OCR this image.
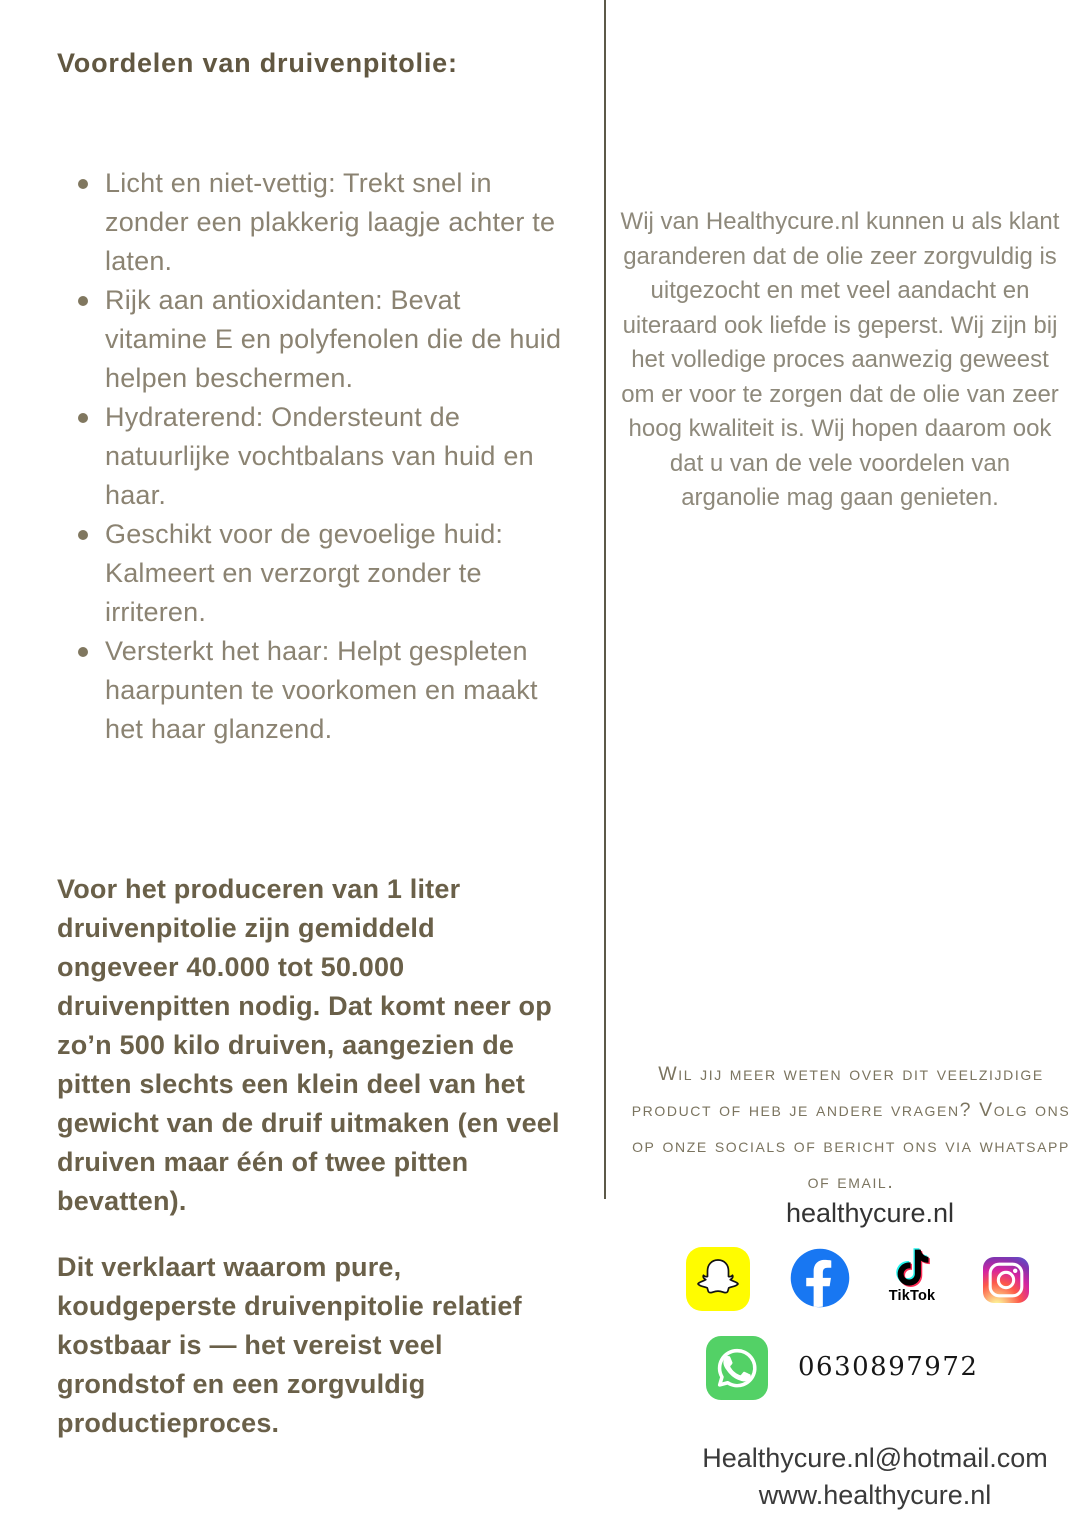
Voordelen van druivenpitolie:
Licht en niet-vettig: Trekt snel in zonder een plakkerig laagje achter te laten.
Rijk aan antioxidanten: Bevat vitamine E en polyfenolen die de huid helpen beschermen.
Hydraterend: Ondersteunt de natuurlijke vochtbalans van huid en haar.
Geschikt voor de gevoelige huid: Kalmeert en verzorgt zonder te irriteren.
Versterkt het haar: Helpt gespleten haarpunten te voorkomen en maakt het haar glanzend.

Voor het produceren van 1 liter druivenpitolie zijn gemiddeld ongeveer 40.000 tot 50.000 druivenpitten nodig. Dat komt neer op zo’n 500 kilo druiven, aangezien de pitten slechts een klein deel van het gewicht van de druif uitmaken (en veel druiven maar één of twee pitten bevatten).

Dit verklaart waarom pure, koudgeperste druivenpitolie relatief kostbaar is — het vereist veel grondstof en een zorgvuldig productieproces.

Wij van Healthycure.nl kunnen u als klant garanderen dat de olie zeer zorgvuldig is uitgezocht en met veel aandacht en uiteraard ook liefde is geperst. Wij zijn bij het volledige proces aanwezig geweest om er voor te zorgen dat de olie van zeer hoog kwaliteit is. Wij hopen daarom ook dat u van de vele voordelen van arganolie mag gaan genieten.
Wil jij meer weten over dit veelzijdige product of heb je andere vragen? Volg ons op onze socials of bericht ons via whatsapp of email.
healthycure.nl
TikTok
0630897972
Healthycure.nl@hotmail.com
www.healthycure.nl
